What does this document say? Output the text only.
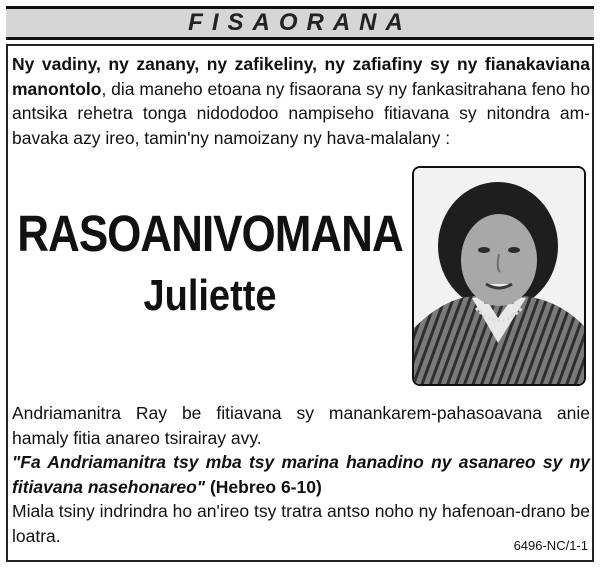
FISAORANA
Ny vadiny, ny zanany, ny zafikeliny, ny zafiafiny sy ny fianakaviana manontolo, dia maneho etoana ny fisaorana sy ny fankasitrahana feno ho antsika rehetra tonga nidododoo nampiseho fitiavana sy nitondra am-bavaka azy ireo, tamin'ny namoizany ny hava-malalany :
RASOANIVOMANA
Juliette

Andriamanitra Ray be fitiavana sy manankarem-pahasoavana anie hamaly fitia anareo tsirairay avy.

"Fa Andriamanitra tsy mba tsy marina hanadino ny asanareo sy ny fitiavana nasehonareo" (Hebreo 6-10)

Miala tsiny indrindra ho an'ireo tsy tratra antso noho ny hafenoan-drano be loatra.	6496-NC/1-1
